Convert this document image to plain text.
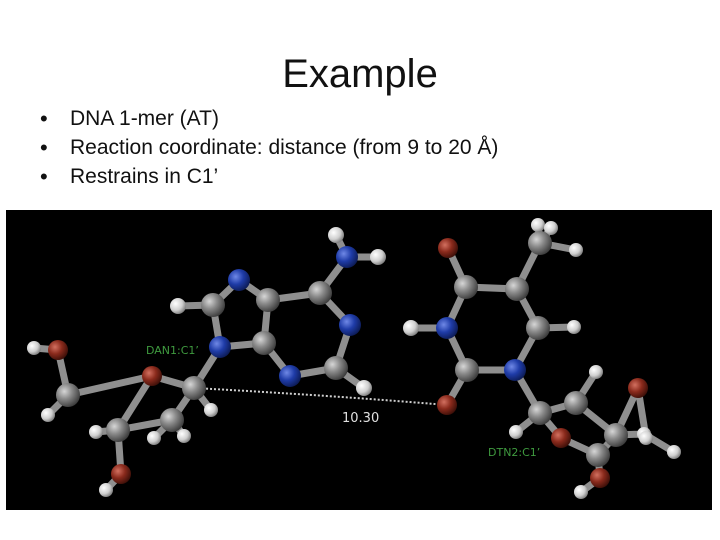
Example
• DNA 1-mer (AT)
• Reaction coordinate: distance (from 9 to 20 Å)
• Restrains in C1’
DAN1:C1’
DTN2:C1’
10.30
